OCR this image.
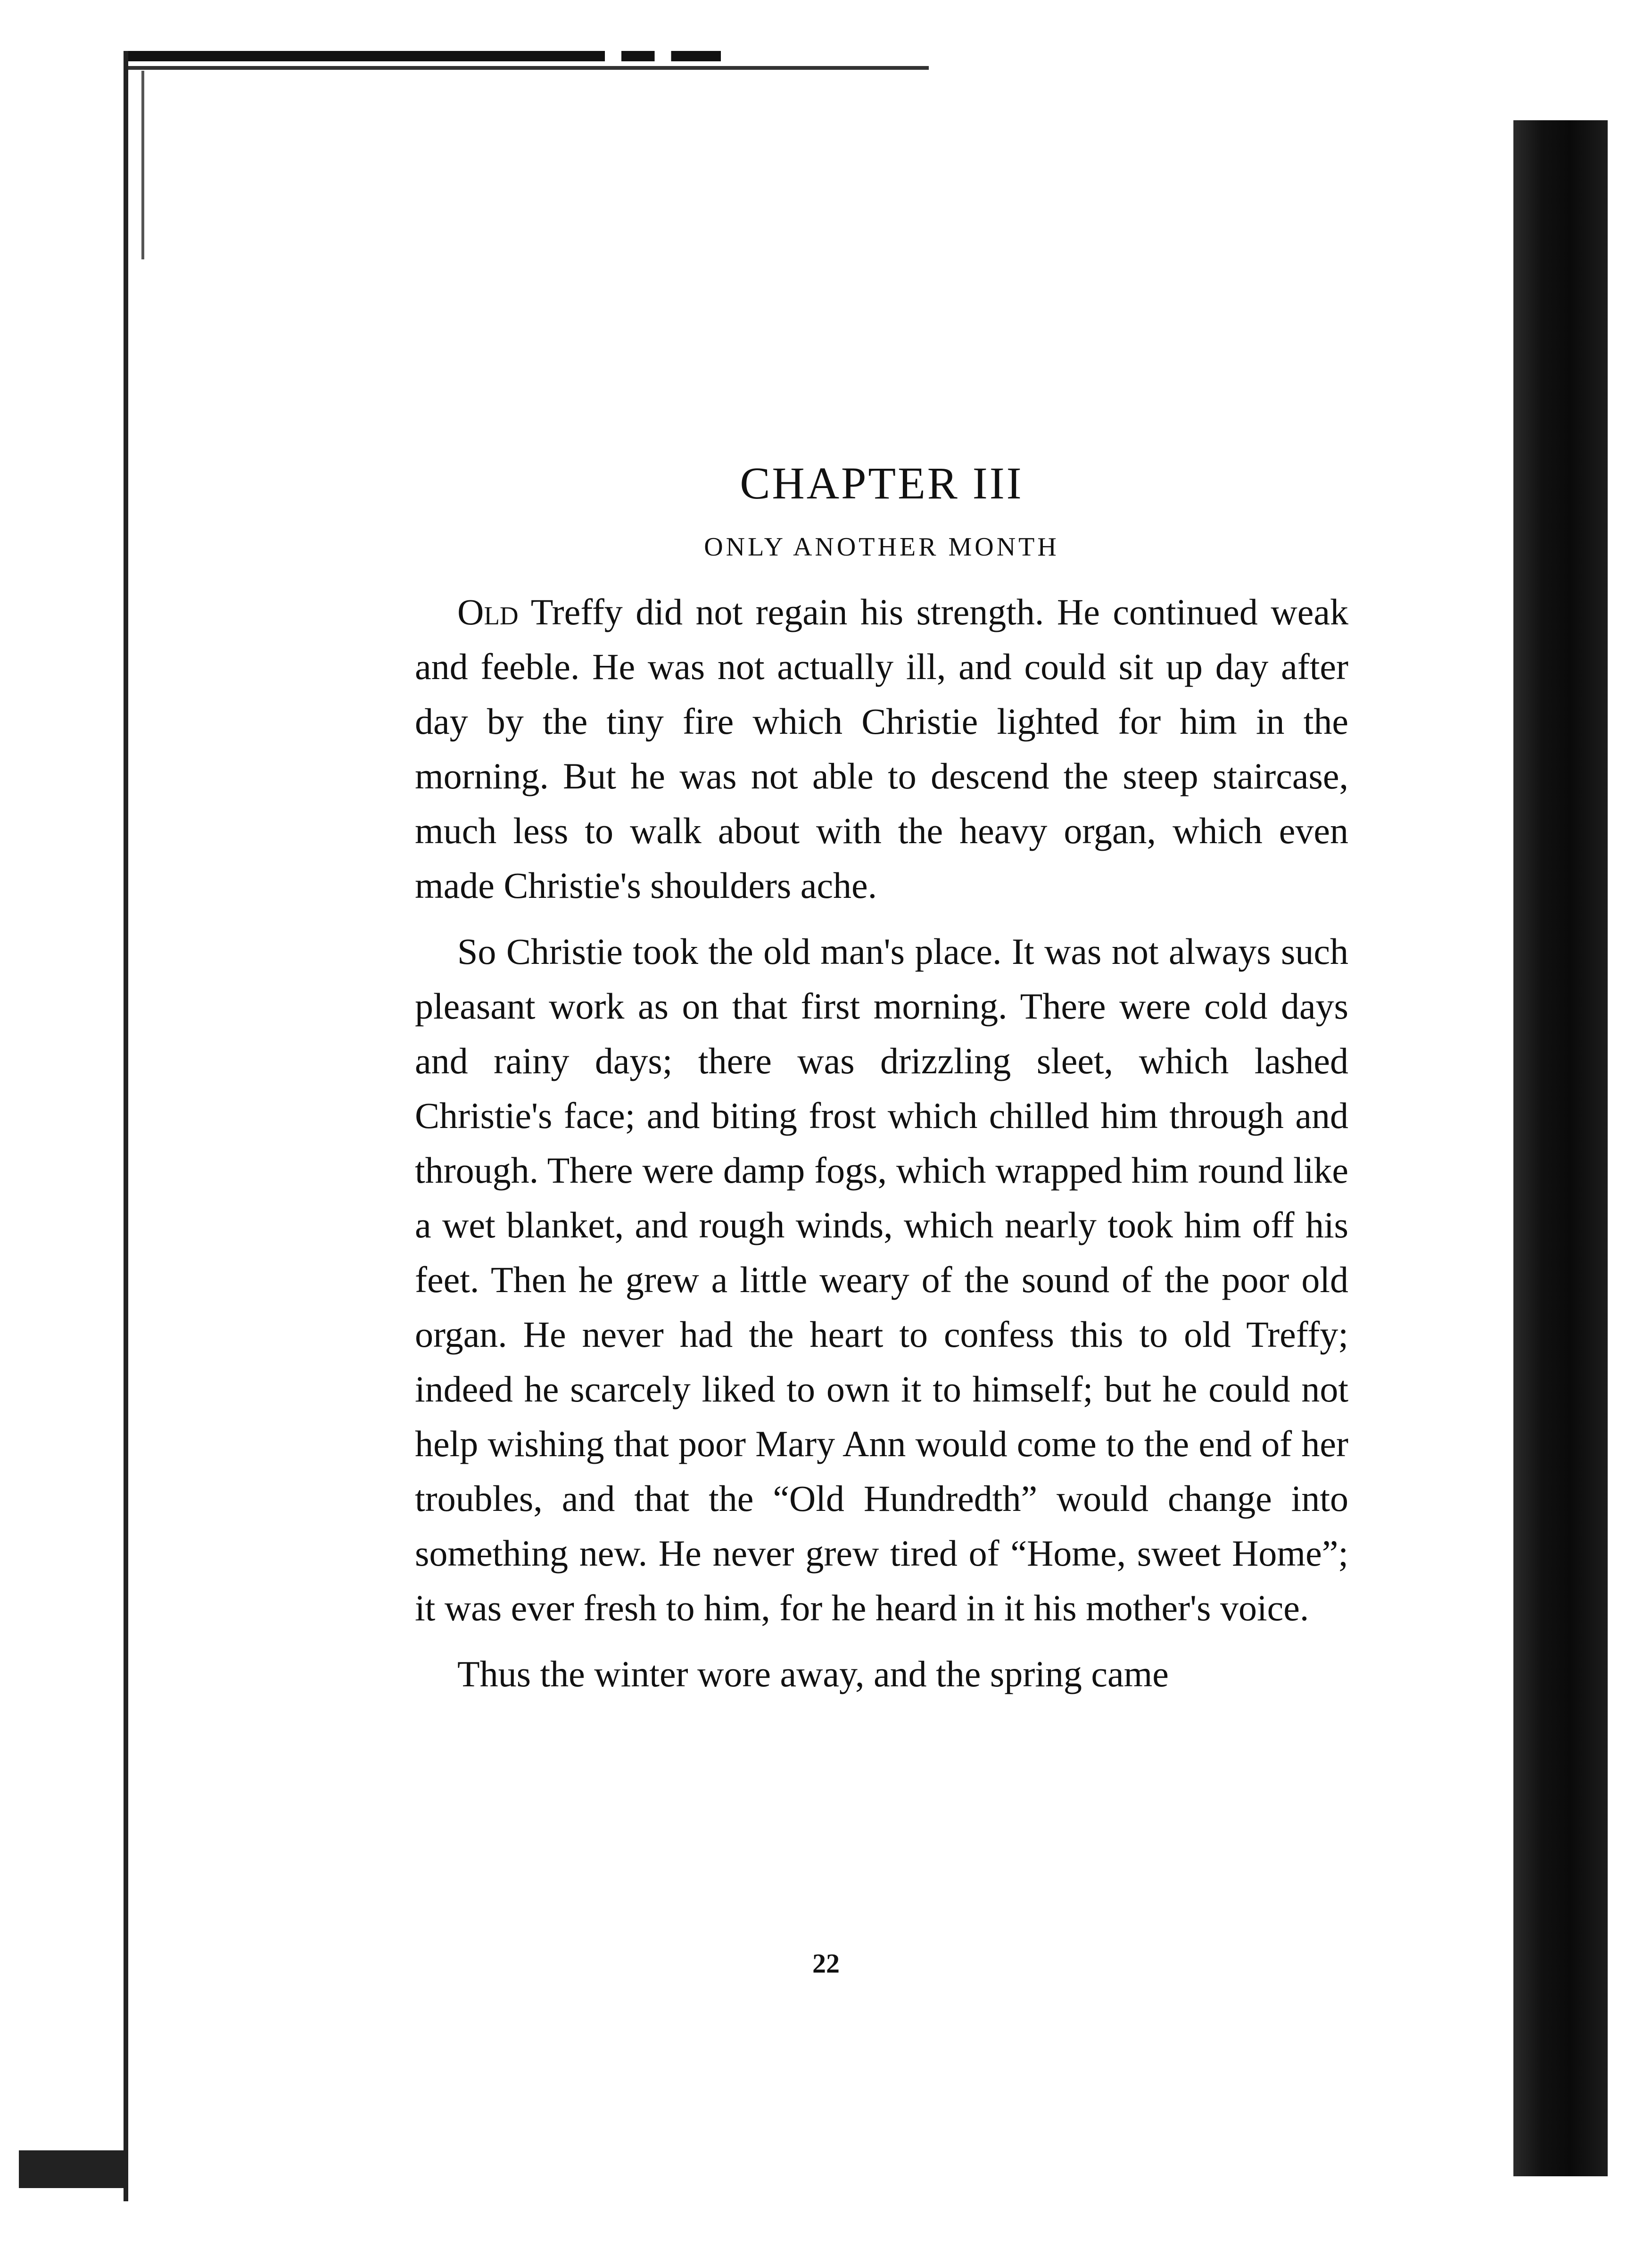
CHAPTER III
ONLY ANOTHER MONTH

Old Treffy did not regain his strength. He continued weak and feeble. He was not actually ill, and could sit up day after day by the tiny fire which Christie lighted for him in the morning. But he was not able to descend the steep staircase, much less to walk about with the heavy organ, which even made Christie's shoulders ache.

So Christie took the old man's place. It was not always such pleasant work as on that first morning. There were cold days and rainy days; there was drizzling sleet, which lashed Christie's face; and biting frost which chilled him through and through. There were damp fogs, which wrapped him round like a wet blanket, and rough winds, which nearly took him off his feet. Then he grew a little weary of the sound of the poor old organ. He never had the heart to confess this to old Treffy; indeed he scarcely liked to own it to himself; but he could not help wishing that poor Mary Ann would come to the end of her troubles, and that the “Old Hundredth” would change into something new. He never grew tired of “Home, sweet Home”; it was ever fresh to him, for he heard in it his mother's voice.

Thus the winter wore away, and the spring came

22
